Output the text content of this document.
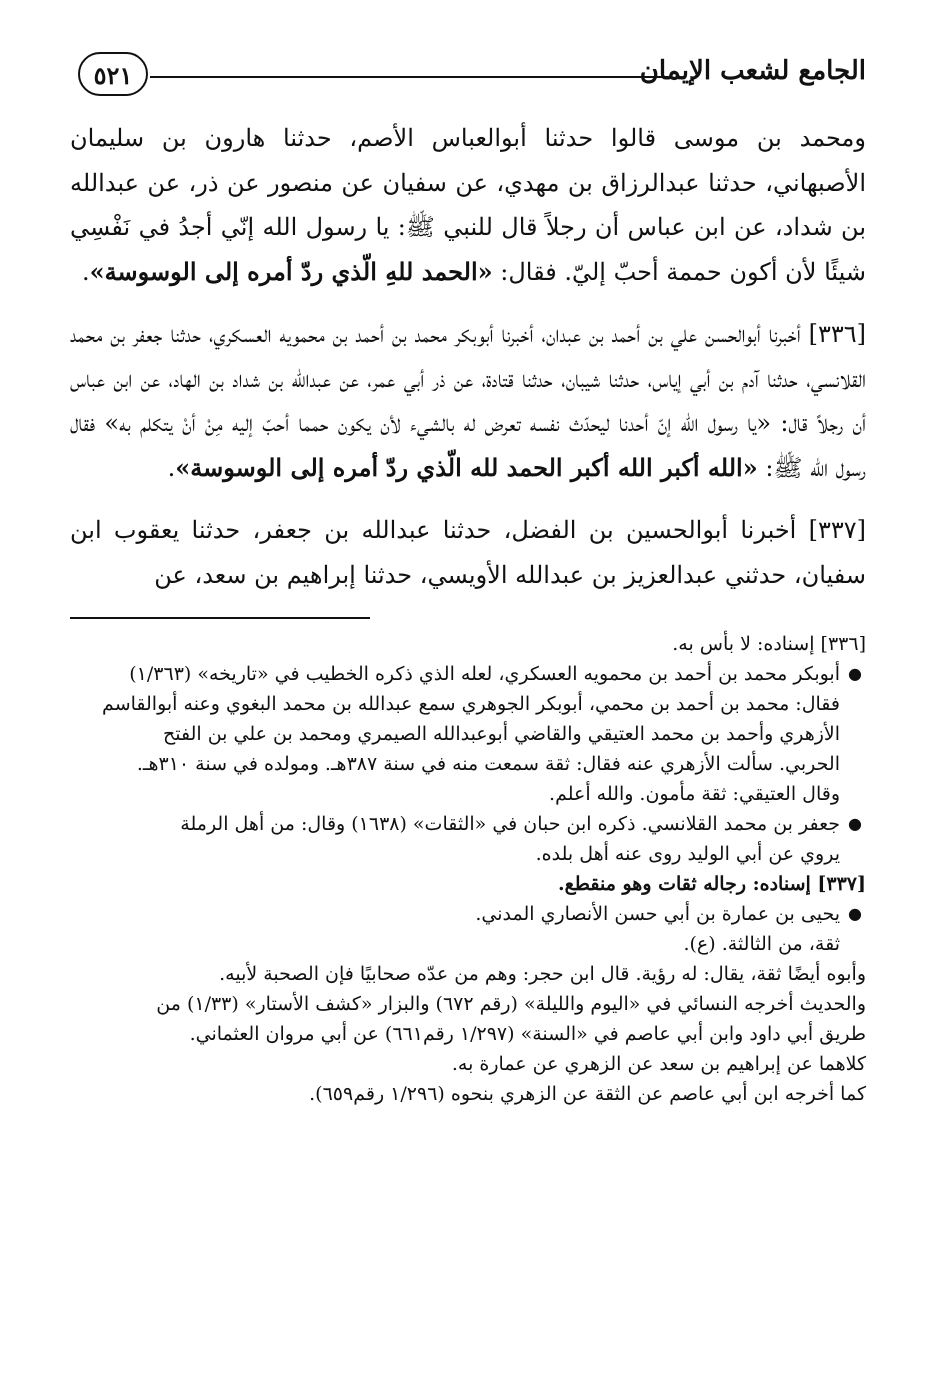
الجامع لشعب الإيمان
٥٢١

ومحمد بن موسى قالوا حدثنا أبوالعباس الأصم، حدثنا هارون بن سليمان الأصبهاني، حدثنا عبدالرزاق بن مهدي، عن سفيان عن منصور عن ذر، عن عبدالله بن شداد، عن ابن عباس أن رجلاً قال للنبي ﷺ: يا رسول الله إنّي أجدُ في نَفْسِي شيئًا لأن أكون حممة أحبّ إليّ. فقال: «الحمد للهِ الّذي ردّ أمره إلى الوسوسة».

[٣٣٦] أخبرنا أبوالحسن علي بن أحمد بن عبدان، أخبرنا أبوبكر محمد بن أحمد بن محمويه العسكري، حدثنا جعفر بن محمد القلانسي، حدثنا آدم بن أبي إياس، حدثنا شيبان، حدثنا قتادة، عن ذر أبي عمر، عن عبدالله بن شداد بن الهاد، عن ابن عباس أن رجلاً قال: «يا رسول الله إنّ أحدنا ليحدّث نفسه تعرض له بالشيء لأن يكون حمما أحبّ إليه مِنْ أنْ يتكلم به» فقال رسول الله ﷺ: «الله أكبر الله أكبر الحمد لله الّذي ردّ أمره إلى الوسوسة».

[٣٣٧] أخبرنا أبوالحسين بن الفضل، حدثنا عبدالله بن جعفر، حدثنا يعقوب ابن سفيان، حدثني عبدالعزيز بن عبدالله الأويسي، حدثنا إبراهيم بن سعد، عن

[٣٣٦] إسناده: لا بأس به.

●
أبوبكر محمد بن أحمد بن محمويه العسكري، لعله الذي ذكره الخطيب في «تاريخه» (١/٣٦٣)
فقال: محمد بن أحمد بن محمي، أبوبكر الجوهري سمع عبدالله بن محمد البغوي وعنه أبوالقاسم
الأزهري وأحمد بن محمد العتيقي والقاضي أبوعبدالله الصيمري ومحمد بن علي بن الفتح
الحربي. سألت الأزهري عنه فقال: ثقة سمعت منه في سنة ٣٨٧هـ. ومولده في سنة ٣١٠هـ.

وقال العتيقي: ثقة مأمون. والله أعلم.

●
جعفر بن محمد القلانسي. ذكره ابن حبان في «الثقات» (١٦٣٨) وقال: من أهل الرملة
يروي عن أبي الوليد روى عنه أهل بلده.

[٣٣٧] إسناده: رجاله ثقات وهو منقطع.

●
يحيى بن عمارة بن أبي حسن الأنصاري المدني.

ثقة، من الثالثة. (ع).

وأبوه أيضًا ثقة، يقال: له رؤية. قال ابن حجر: وهم من عدّه صحابيًا فإن الصحبة لأبيه.

والحديث أخرجه النسائي في «اليوم والليلة» (رقم ٦٧٢) والبزار «كشف الأستار» (١/٣٣) من

طريق أبي داود وابن أبي عاصم في «السنة» (١/٢٩٧ رقم٦٦١) عن أبي مروان العثماني.

كلاهما عن إبراهيم بن سعد عن الزهري عن عمارة به.

كما أخرجه ابن أبي عاصم عن الثقة عن الزهري بنحوه (١/٢٩٦ رقم٦٥٩).
